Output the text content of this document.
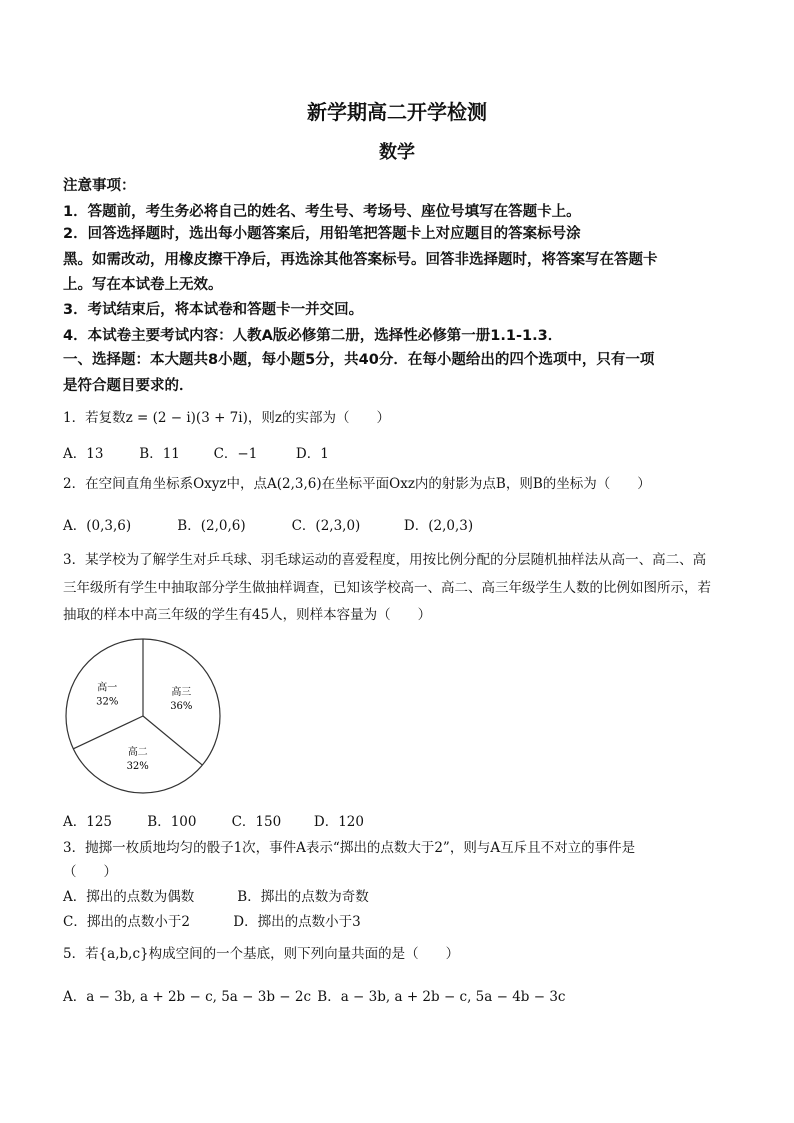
新学期高二开学检测
数学
注意事项：
1．答题前，考生务必将自己的姓名、考生号、考场号、座位号填写在答题卡上。
2．回答选择题时，选出每小题答案后，用铅笔把答题卡上对应题目的答案标号涂
黑。如需改动，用橡皮擦干净后，再选涂其他答案标号。回答非选择题时，将答案写在答题卡
上。写在本试卷上无效。
3．考试结束后，将本试卷和答题卡一并交回。
4．本试卷主要考试内容：人教A版必修第二册，选择性必修第一册1.1-1.3．
一、选择题：本大题共8小题，每小题5分，共40分．在每小题给出的四个选项中，只有一项
是符合题目要求的．
1．若复数z = (2 − i)(3 + 7i)，则z的实部为（　　）
A．13	B．11 C．−1	D．1
2．在空间直角坐标系Oxyz中，点A(2,3,6)在坐标平面Oxz内的射影为点B，则B的坐标为（　　）
A．(0,3,6)	B．(2,0,6)	C．(2,3,0)	D．(2,0,3)
3．某学校为了解学生对乒乓球、羽毛球运动的喜爱程度，用按比例分配的分层随机抽样法从高一、高二、高
三年级所有学生中抽取部分学生做抽样调查，已知该学校高一、高二、高三年级学生人数的比例如图所示，若
抽取的样本中高三年级的学生有45人，则样本容量为（　　）
高三
36%
高二
32%
高一
32%
A．125	B．100	C．150 D．120
3．抛掷一枚质地均匀的骰子1次，事件A表示“掷出的点数大于2”，则与A互斥且不对立的事件是
（　　）
A．掷出的点数为偶数	B．掷出的点数为奇数
C．掷出的点数小于2	D．掷出的点数小于3
5．若{a,b,c}构成空间的一个基底，则下列向量共面的是（　　）
A．a − 3b, a + 2b − c, 5a − 3b − 2c B．a − 3b, a + 2b − c, 5a − 4b − 3c
